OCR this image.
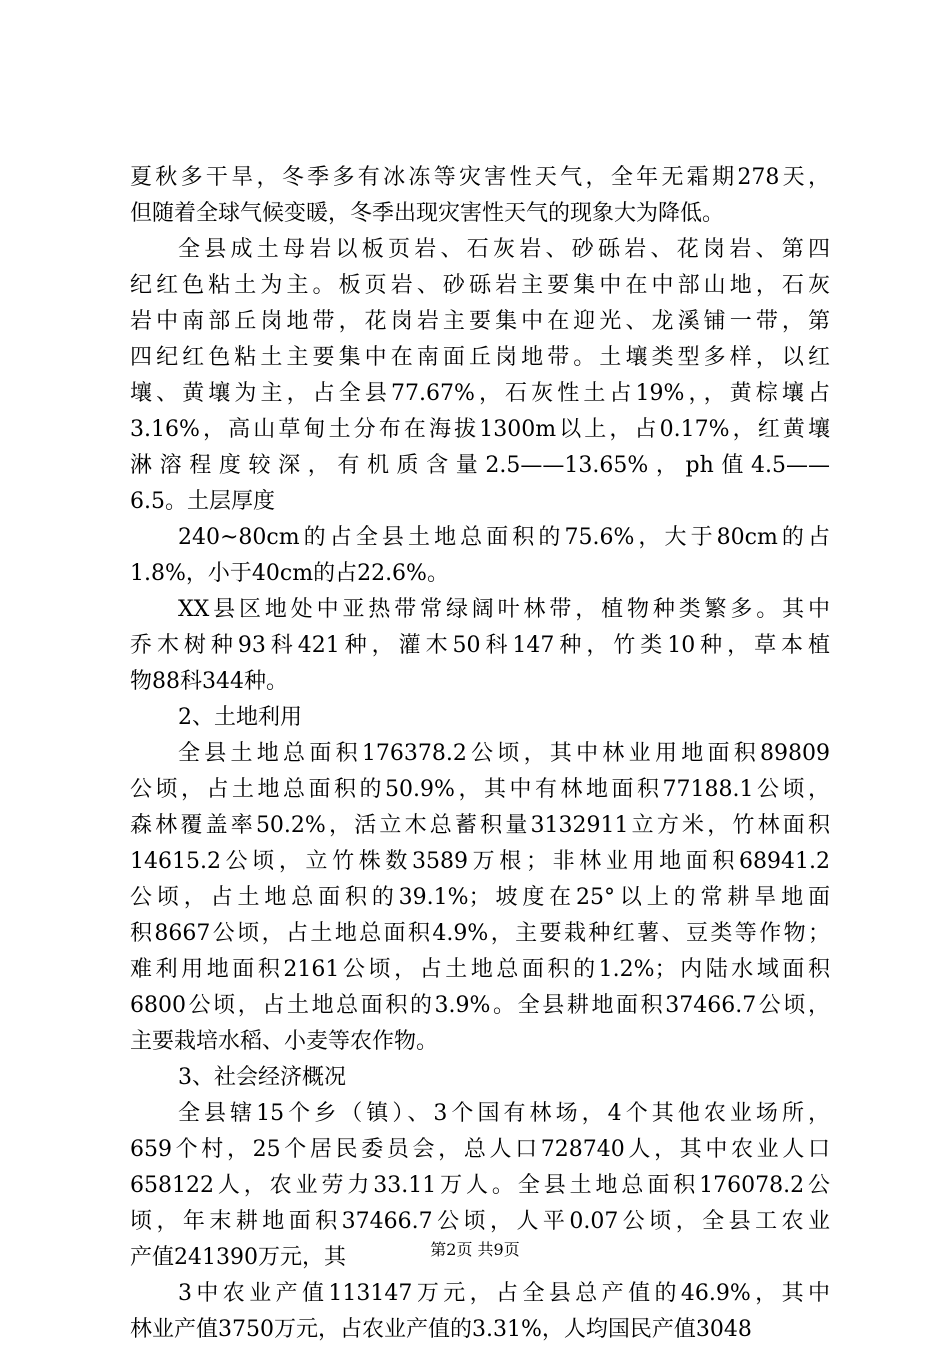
夏秋多干旱，冬季多有冰冻等灾害性天气，全年无霜期278天，
但随着全球气候变暖，冬季出现灾害性天气的现象大为降低。
全县成土母岩以板页岩、石灰岩、砂砾岩、花岗岩、第四
纪红色粘土为主。板页岩、砂砾岩主要集中在中部山地，石灰
岩中南部丘岗地带，花岗岩主要集中在迎光、龙溪铺一带，第
四纪红色粘土主要集中在南面丘岗地带。土壤类型多样，以红
壤、黄壤为主，占全县77.67%，石灰性土占19%，，黄棕壤占
3.16%，高山草甸土分布在海拔1300m以上，占0.17%，红黄壤
淋溶程度较深，有机质含量2.5——13.65%，ph值4.5——
6.5。土层厚度
240~80cm的占全县土地总面积的75.6%，大于80cm的占
1.8%，小于40cm的占22.6%。
XX县区地处中亚热带常绿阔叶林带，植物种类繁多。其中
乔木树种93科421种，灌木50科147种，竹类10种，草本植
物88科344种。
2、土地利用
全县土地总面积176378.2公顷，其中林业用地面积89809
公顷，占土地总面积的50.9%，其中有林地面积77188.1公顷，
森林覆盖率50.2%，活立木总蓄积量3132911立方米，竹林面积
14615.2公顷，立竹株数3589万根；非林业用地面积68941.2
公顷，占土地总面积的39.1%；坡度在25°以上的常耕旱地面
积8667公顷，占土地总面积4.9%，主要栽种红薯、豆类等作物；
难利用地面积2161公顷，占土地总面积的1.2%；内陆水域面积
6800公顷，占土地总面积的3.9%。全县耕地面积37466.7公顷，
主要栽培水稻、小麦等农作物。
3、社会经济概况
全县辖15个乡（镇）、3个国有林场，4个其他农业场所，
659个村，25个居民委员会，总人口728740人，其中农业人口
658122人，农业劳力33.11万人。全县土地总面积176078.2公
顷，年末耕地面积37466.7公顷，人平0.07公顷，全县工农业
产值241390万元，其
3中农业产值113147万元，占全县总产值的46.9%，其中
林业产值3750万元，占农业产值的3.31%，人均国民产值3048
第2页 共9页
